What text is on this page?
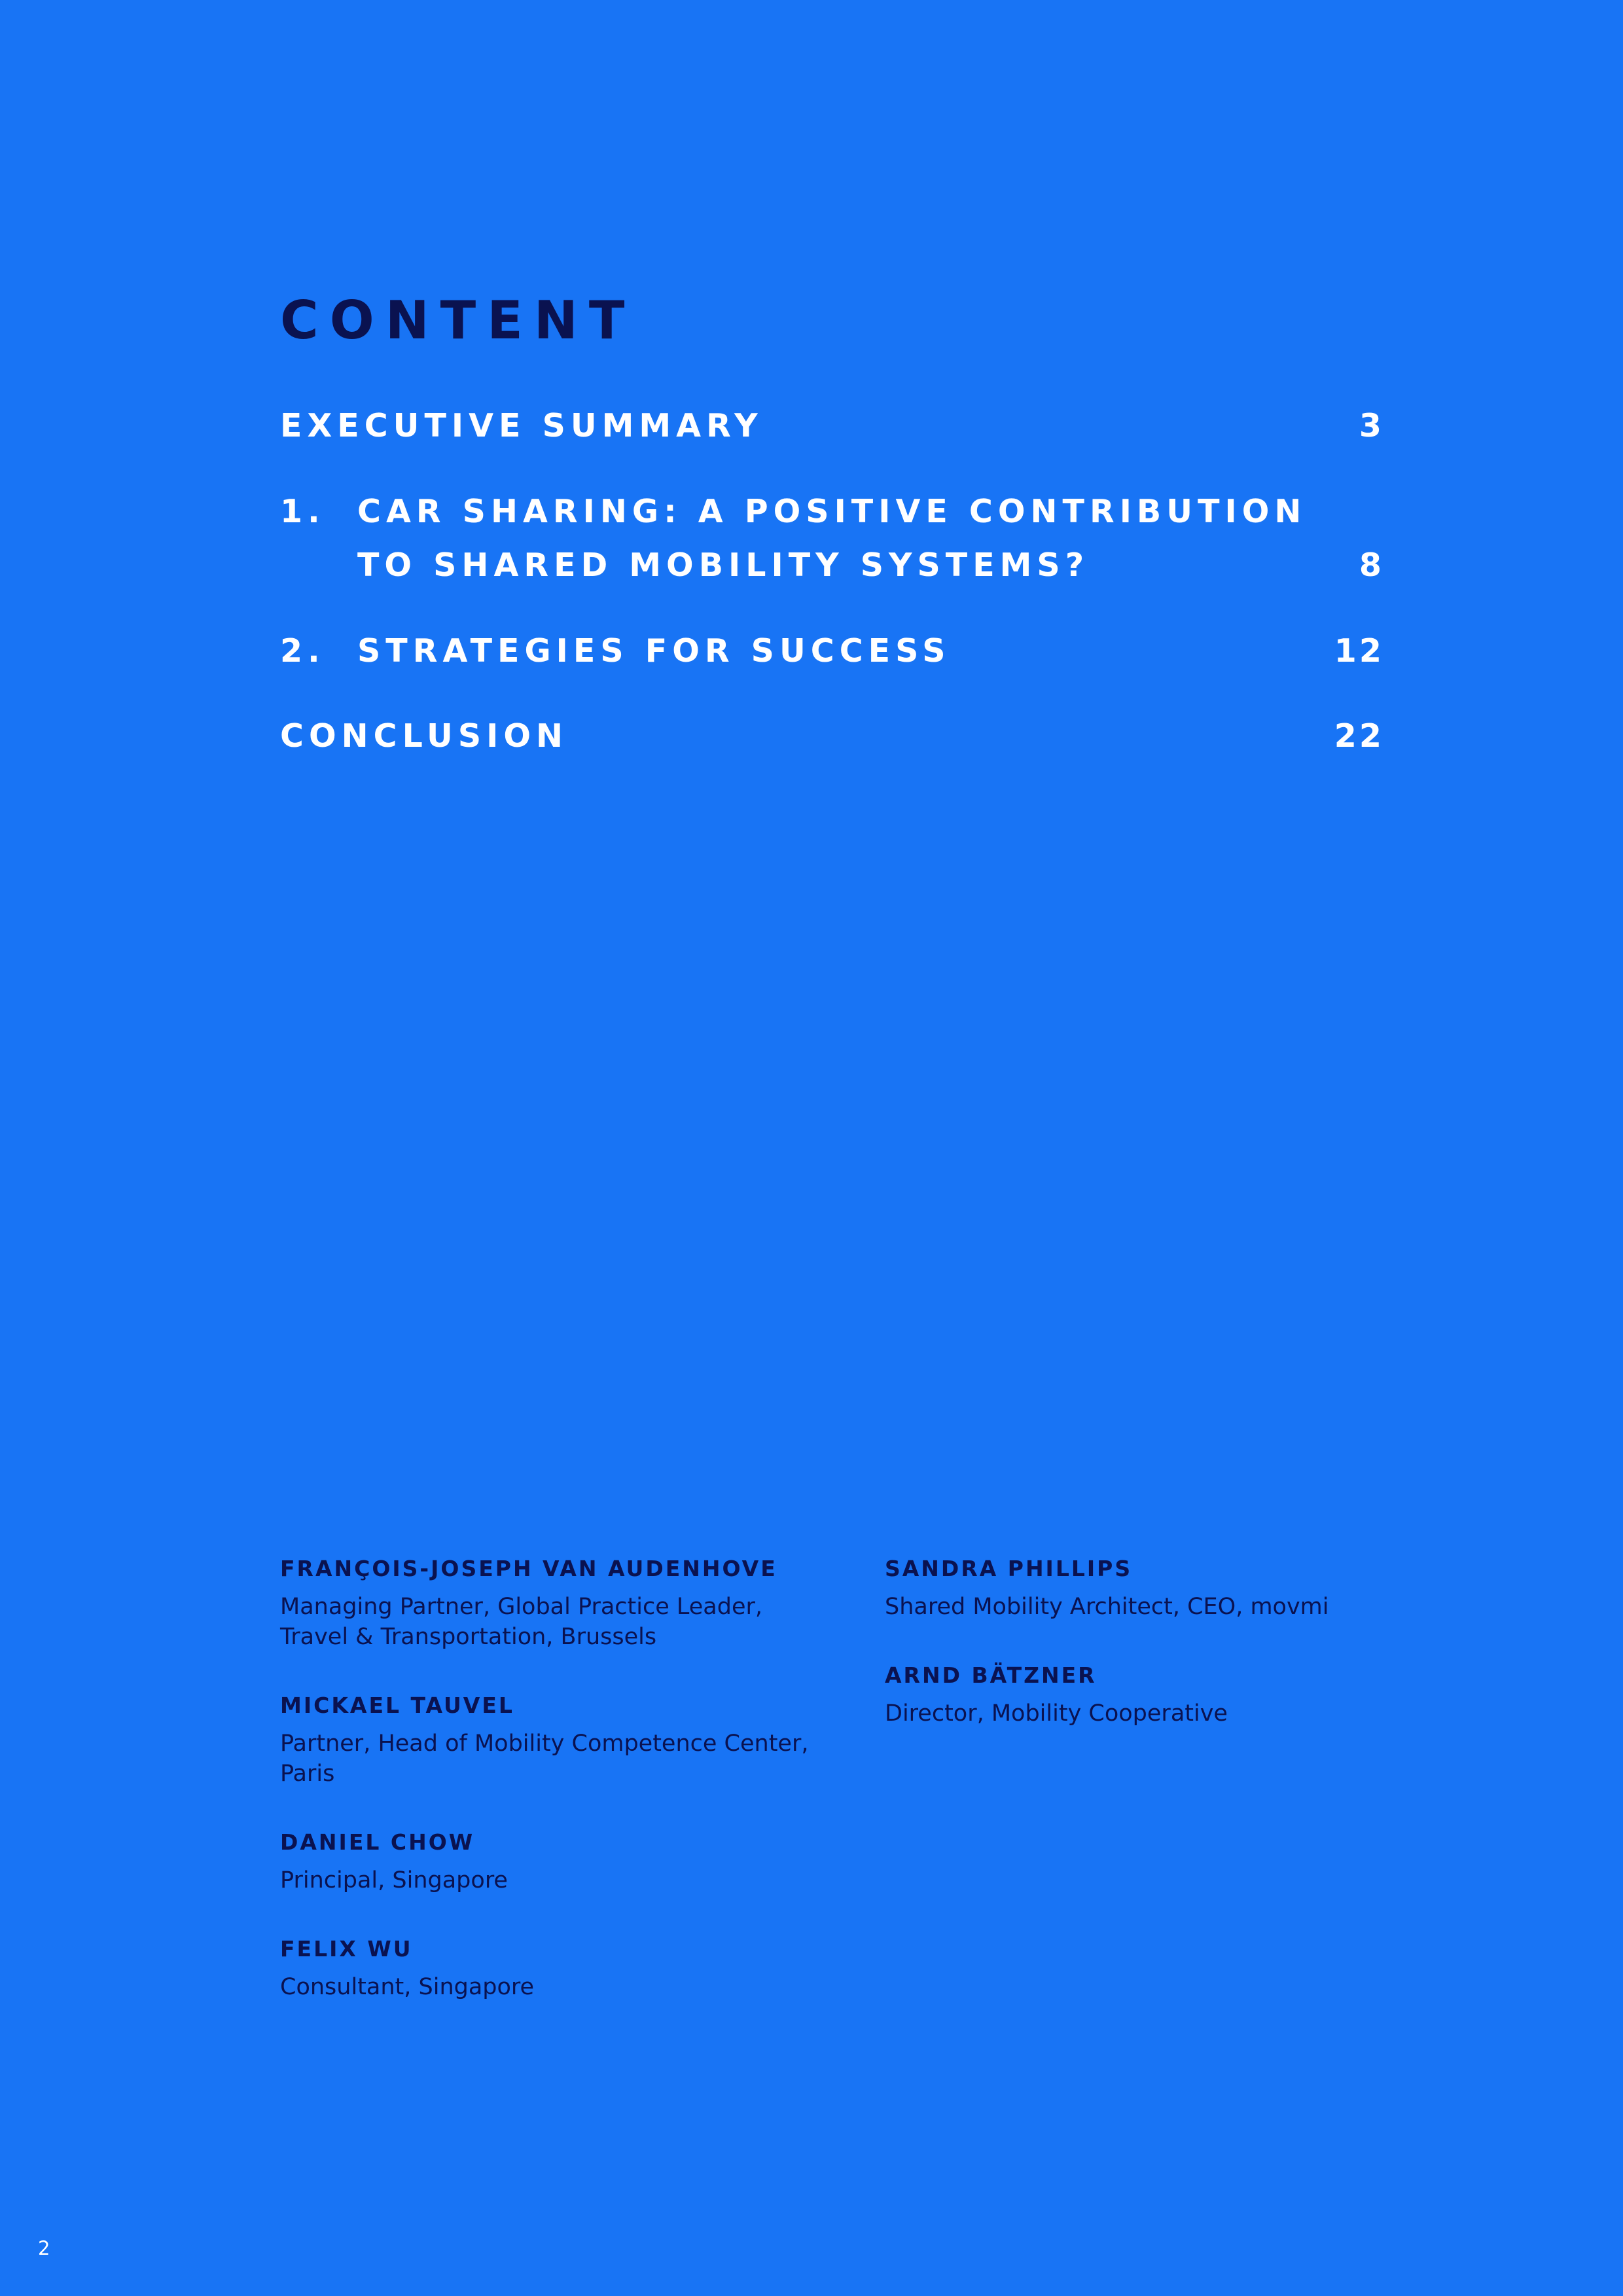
CONTENT
EXECUTIVE SUMMARY	3
1. CAR SHARING: A POSITIVE CONTRIBUTION
TO SHARED MOBILITY SYSTEMS?	8
2. STRATEGIES FOR SUCCESS	12
CONCLUSION	22
FRANÇOIS-JOSEPH VAN AUDENHOVE
Managing Partner, Global Practice Leader, Travel & Transportation, Brussels
MICKAEL TAUVEL
Partner, Head of Mobility Competence Center, Paris
DANIEL CHOW
Principal, Singapore
FELIX WU
Consultant, Singapore
SANDRA PHILLIPS
Shared Mobility Architect, CEO, movmi
ARND BÄTZNER
Director, Mobility Cooperative
2
